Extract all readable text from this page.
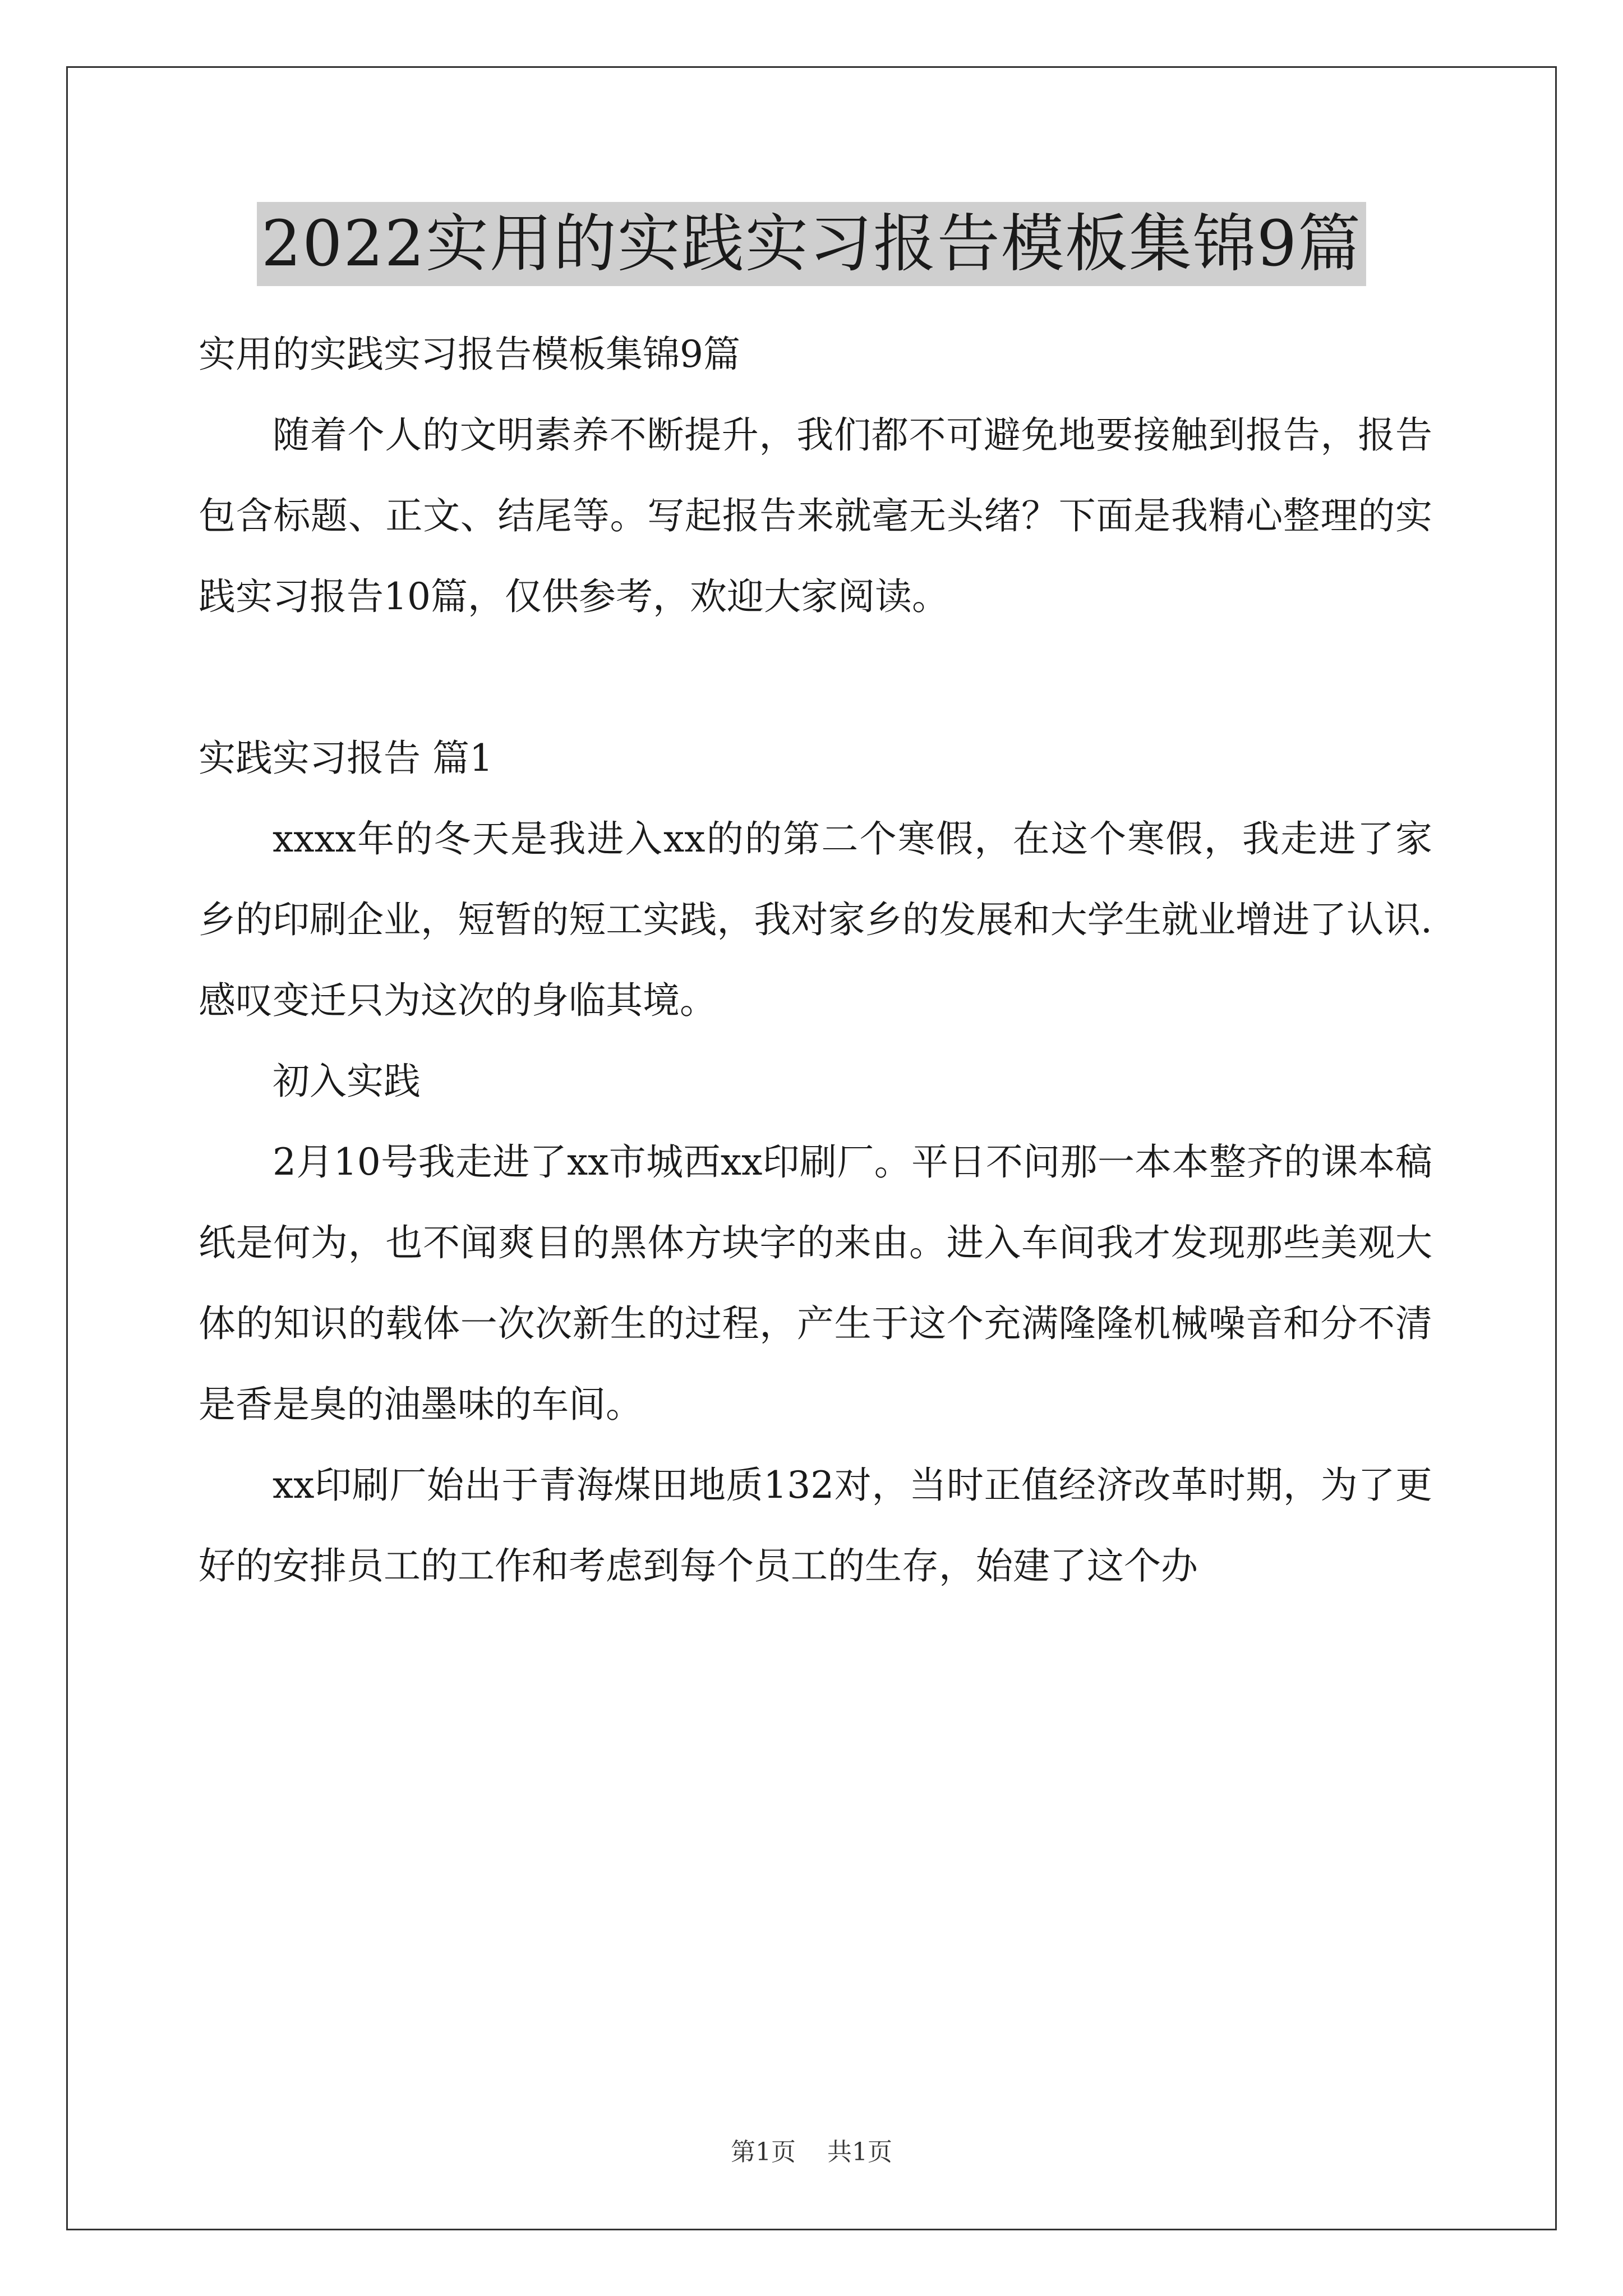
2022实用的实践实习报告模板集锦9篇

实用的实践实习报告模板集锦9篇

随着个人的文明素养不断提升，我们都不可避免地要接触到报告，报告包含标题、正文、结尾等。写起报告来就毫无头绪？下面是我精心整理的实践实习报告10篇，仅供参考，欢迎大家阅读。

实践实习报告 篇1

xxxx年的冬天是我进入xx的的第二个寒假，在这个寒假，我走进了家乡的印刷企业，短暂的短工实践，我对家乡的发展和大学生就业增进了认识.感叹变迁只为这次的身临其境。

初入实践

2月10号我走进了xx市城西xx印刷厂。平日不问那一本本整齐的课本稿纸是何为，也不闻爽目的黑体方块字的来由。进入车间我才发现那些美观大体的知识的载体一次次新生的过程，产生于这个充满隆隆机械噪音和分不清是香是臭的油墨味的车间。

xx印刷厂始出于青海煤田地质132对，当时正值经济改革时期，为了更好的安排员工的工作和考虑到每个员工的生存，始建了这个办

第1页 共1页
